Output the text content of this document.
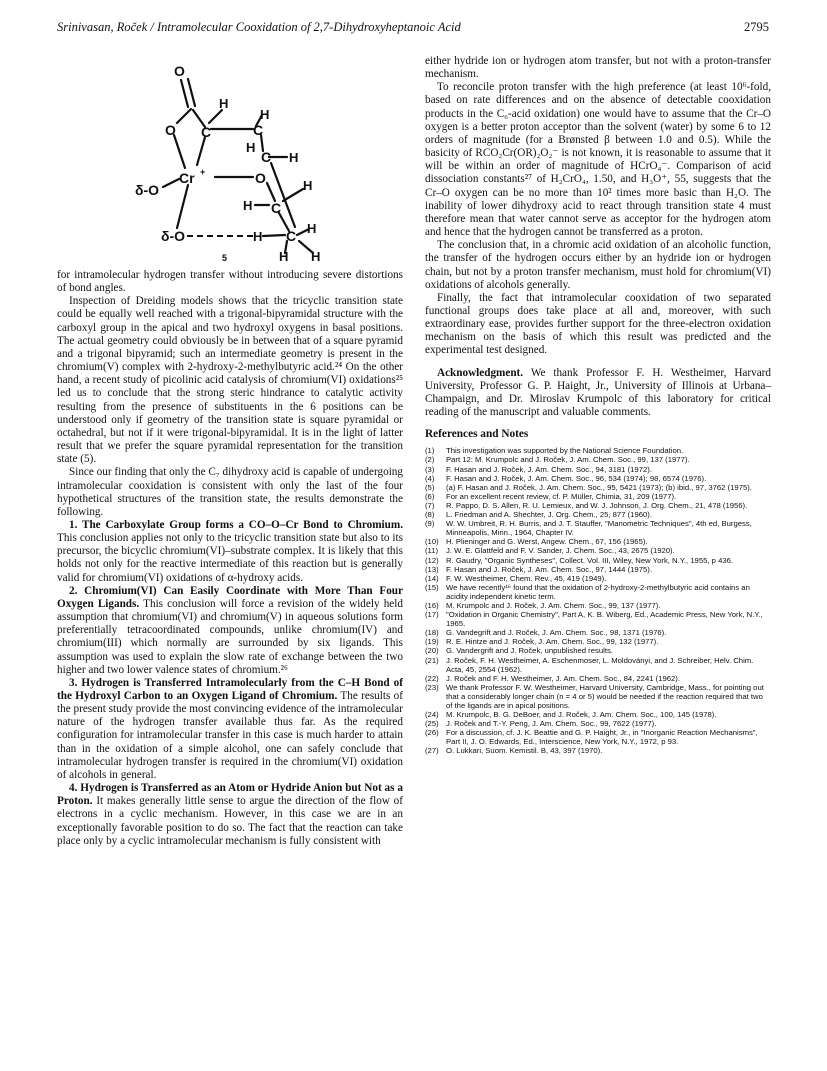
Srinivasan, Roček / Intramolecular Cooxidation of 2,7-Dihydroxyheptanoic Acid	2795
O
O C
H
C
H
H
C H
Cr +
δ-O
O
H C
H
C H
δ-O	H
H H
5

for intramolecular hydrogen transfer without introducing severe distortions of bond angles.

Inspection of Dreiding models shows that the tricyclic transition state could be equally well reached with a trigonal-bipyramidal structure with the carboxyl group in the apical and two hydroxyl oxygens in basal positions. The actual geometry could obviously be in between that of a square pyramid and a trigonal bipyramid; such an intermediate geometry is present in the chromium(V) complex with 2-hydroxy-2-methylbutyric acid.²⁴ On the other hand, a recent study of picolinic acid catalysis of chromium(VI) oxidations²⁵ led us to conclude that the strong steric hindrance to catalytic activity resulting from the presence of substituents in the 6 positions can be understood only if geometry of the transition state is square pyramidal or octahedral, but not if it were trigonal-bipyramidal. It is in the light of latter result that we prefer the square pyramidal representation for the transition state (5).

Since our finding that only the C₇ dihydroxy acid is capable of undergoing intramolecular cooxidation is consistent with only the last of the four hypothetical structures of the transition state, the results demonstrate the following.

1. The Carboxylate Group forms a CO–O–Cr Bond to Chromium. This conclusion applies not only to the tricyclic transition state but also to its precursor, the bicyclic chromium(VI)–substrate complex. It is likely that this holds not only for the reactive intermediate of this reaction but is generally valid for chromium(VI) oxidations of α-hydroxy acids.

2. Chromium(VI) Can Easily Coordinate with More Than Four Oxygen Ligands. This conclusion will force a revision of the widely held assumption that chromium(VI) and chromium(V) in aqueous solutions form preferentially tetracoordinated compounds, unlike chromium(IV) and chromium(III) which normally are surrounded by six ligands. This assumption was used to explain the slow rate of exchange between the two higher and two lower valence states of chromium.²⁶

3. Hydrogen is Transferred Intramolecularly from the C–H Bond of the Hydroxyl Carbon to an Oxygen Ligand of Chromium. The results of the present study provide the most convincing evidence of the intramolecular nature of the hydrogen transfer available thus far. As the required configuration for intramolecular transfer in this case is much harder to attain than in the oxidation of a simple alcohol, one can safely conclude that intramolecular hydrogen transfer is required in the chromium(VI) oxidation of alcohols in general.

4. Hydrogen is Transferred as an Atom or Hydride Anion but Not as a Proton. It makes generally little sense to argue the direction of the flow of electrons in a cyclic mechanism. However, in this case we are in an exceptionally favorable position to do so. The fact that the reaction can take place only by a cyclic intramolecular mechanism is fully consistent with

either hydride ion or hydrogen atom transfer, but not with a proton-transfer mechanism.

To reconcile proton transfer with the high preference (at least 10⁶-fold, based on rate differences and on the absence of detectable cooxidation products in the C₆-acid oxidation) one would have to assume that the Cr–O oxygen is a better proton acceptor than the solvent (water) by some 6 to 12 orders of magnitude (for a Brønsted β between 1.0 and 0.5). While the basicity of RCO₂Cr(OR)₂O₂⁻ is not known, it is reasonable to assume that it will be within an order of magnitude of HCrO₄⁻. Comparison of acid dissociation constants²⁷ of H₂CrO₄, 1.50, and H₃O⁺, 55, suggests that the Cr–O oxygen can be no more than 10² times more basic than H₂O. The inability of lower dihydroxy acid to react through transition state 4 must therefore mean that water cannot serve as acceptor for the hydrogen atom and hence that the hydrogen cannot be transferred as a proton.

The conclusion that, in a chromic acid oxidation of an alcoholic function, the transfer of the hydrogen occurs either by an hydride ion or hydrogen chain, but not by a proton transfer mechanism, must hold for chromium(VI) oxidations of alcohols generally.

Finally, the fact that intramolecular cooxidation of two separated functional groups does take place at all and, moreover, with such extraordinary ease, provides further support for the three-electron oxidation mechanism on the basis of which this result was predicted and the experimental test designed.

Acknowledgment. We thank Professor F. H. Westheimer, Harvard University, Professor G. P. Haight, Jr., University of Illinois at Urbana–Champaign, and Dr. Miroslav Krumpolc of this laboratory for critical reading of the manuscript and valuable comments.

References and Notes
(1) This investigation was supported by the National Science Foundation.
(2) Part 12: M. Krumpolc and J. Roček, J. Am. Chem. Soc., 99, 137 (1977).
(3) F. Hasan and J. Roček, J. Am. Chem. Soc., 94, 3181 (1972).
(4) F. Hasan and J. Roček, J. Am. Chem. Soc., 96, 534 (1974); 98, 6574 (1976).
(5) (a) F. Hasan and J. Roček, J. Am. Chem. Soc., 95, 5421 (1973); (b) ibid., 97, 3762 (1975).
(6) For an excellent recent review, cf. P. Müller, Chimia, 31, 209 (1977).
(7) R. Pappo, D. S. Allen, R. U. Lemieux, and W. J. Johnson, J. Org. Chem., 21, 478 (1956).
(8) L. Friedman and A. Shechter, J. Org. Chem., 25, 877 (1960).
(9) W. W. Umbreit, R. H. Burris, and J. T. Stauffer, "Manometric Techniques", 4th ed, Burgess, Minneapolis, Minn., 1964, Chapter IV.
(10) H. Plieninger and G. Werst, Angew. Chem., 67, 156 (1965).
(11) J. W. E. Glattfeld and F. V. Sander, J. Chem. Soc., 43, 2675 (1920).
(12) R. Gaudry, "Organic Syntheses", Collect. Vol. III, Wiley, New York, N.Y., 1955, p 436.
(13) F. Hasan and J. Roček, J. Am. Chem. Soc., 97, 1444 (1975).
(14) F. W. Westheimer, Chem. Rev., 45, 419 (1949).
(15) We have recently¹⁶ found that the oxidation of 2-hydroxy-2-methylbutyric acid contains an acidity independent kinetic term.
(16) M. Krumpolc and J. Roček, J. Am. Chem. Soc., 99, 137 (1977).
(17) "Oxidation in Organic Chemistry", Part A, K. B. Wiberg, Ed., Academic Press, New York, N.Y., 1965.
(18) G. Vandegrift and J. Roček, J. Am. Chem. Soc., 98, 1371 (1976).
(19) R. E. Hintze and J. Roček, J. Am. Chem. Soc., 99, 132 (1977).
(20) G. Vandergrift and J. Roček, unpublished results.
(21) J. Roček, F. H. Westheimer, A. Eschenmoser, L. Moldoványi, and J. Schreiber, Helv. Chim. Acta, 45, 2554 (1962).
(22) J. Roček and F. H. Westheimer, J. Am. Chem. Soc., 84, 2241 (1962).
(23) We thank Professor F. W. Westheimer, Harvard University, Cambridge, Mass., for pointing out that a considerably longer chain (n = 4 or 5) would be needed if the reaction required that two of the ligands are in apical positions.
(24) M. Krumpolc, B. G. DeBoer, and J. Roček, J. Am. Chem. Soc., 100, 145 (1978).
(25) J. Roček and T.-Y. Peng, J. Am. Chem. Soc., 99, 7622 (1977).
(26) For a discussion, cf. J. K. Beattie and G. P. Haight, Jr., in "Inorganic Reaction Mechanisms", Part II, J. O. Edwards, Ed., Interscience, New York, N.Y., 1972, p 93.
(27) O. Lukkari, Suom. Kemistil. B, 43, 397 (1970).
